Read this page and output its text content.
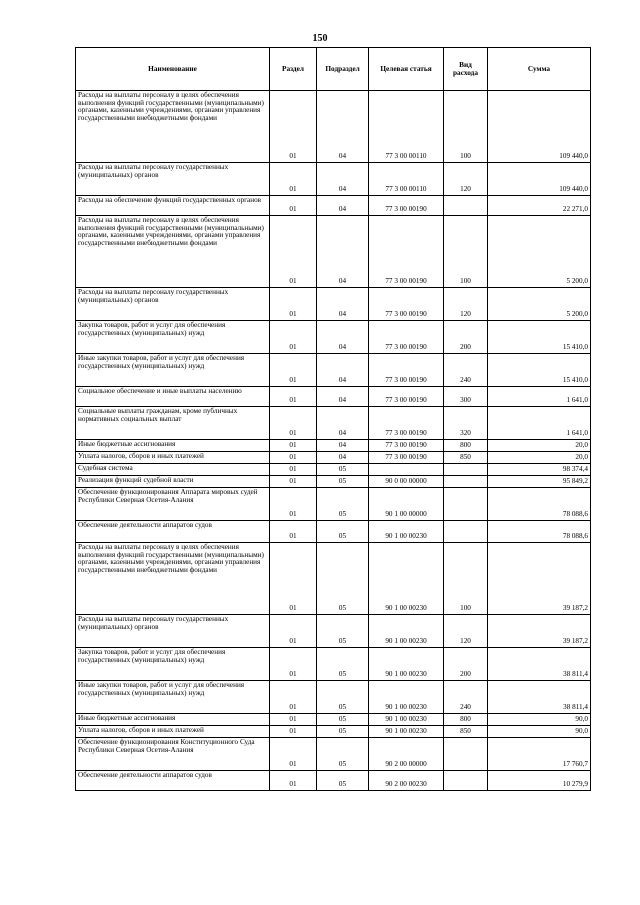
150
Наименование	Раздел	Подраздел	Целевая статья	Вид расхода	Сумма
Расходы на выплаты персоналу в целях обеспечения выполнения функций государственными (муниципальными) органами, казенными учреждениями, органами управления государственными внебюджетными фондами	01	04	77 3 00 00110	100	109 440,0
Расходы на выплаты персоналу государственных (муниципальных) органов	01	04	77 3 00 00110	120	109 440,0
Расходы на обеспечение функций государственных органов	01	04	77 3 00 00190		22 271,0
Расходы на выплаты персоналу в целях обеспечения выполнения функций государственными (муниципальными) органами, казенными учреждениями, органами управления государственными внебюджетными фондами	01	04	77 3 00 00190	100	5 200,0
Расходы на выплаты персоналу государственных (муниципальных) органов	01	04	77 3 00 00190	120	5 200,0
Закупка товаров, работ и услуг для обеспечения государственных (муниципальных) нужд	01	04	77 3 00 00190	200	15 410,0
Иные закупки товаров, работ и услуг для обеспечения государственных (муниципальных) нужд	01	04	77 3 00 00190	240	15 410,0
Социальное обеспечение и иные выплаты населению	01	04	77 3 00 00190	300	1 641,0
Социальные выплаты гражданам, кроме публичных нормативных социальных выплат	01	04	77 3 00 00190	320	1 641,0
Иные бюджетные ассигнования	01	04	77 3 00 00190	800	20,0
Уплата налогов, сборов и иных платежей	01	04	77 3 00 00190	850	20,0
Судебная система	01	05			98 374,4
Реализация функций судебной власти	01	05	90 0 00 00000		95 849,2
Обеспечение функционирования Аппарата мировых судей Республики Северная Осетия-Алания	01	05	90 1 00 00000		78 088,6
Обеспечение деятельности аппаратов судов	01	05	90 1 00 00230		78 088,6
Расходы на выплаты персоналу в целях обеспечения выполнения функций государственными (муниципальными) органами, казенными учреждениями, органами управления государственными внебюджетными фондами	01	05	90 1 00 00230	100	39 187,2
Расходы на выплаты персоналу государственных (муниципальных) органов	01	05	90 1 00 00230	120	39 187,2
Закупка товаров, работ и услуг для обеспечения государственных (муниципальных) нужд	01	05	90 1 00 00230	200	38 811,4
Иные закупки товаров, работ и услуг для обеспечения государственных (муниципальных) нужд	01	05	90 1 00 00230	240	38 811,4
Иные бюджетные ассигнования	01	05	90 1 00 00230	800	90,0
Уплата налогов, сборов и иных платежей	01	05	90 1 00 00230	850	90,0
Обеспечение функционирования Конституционного Суда Республики Северная Осетия-Алания	01	05	90 2 00 00000		17 760,7
Обеспечение деятельности аппаратов судов	01	05	90 2 00 00230		10 279,9
